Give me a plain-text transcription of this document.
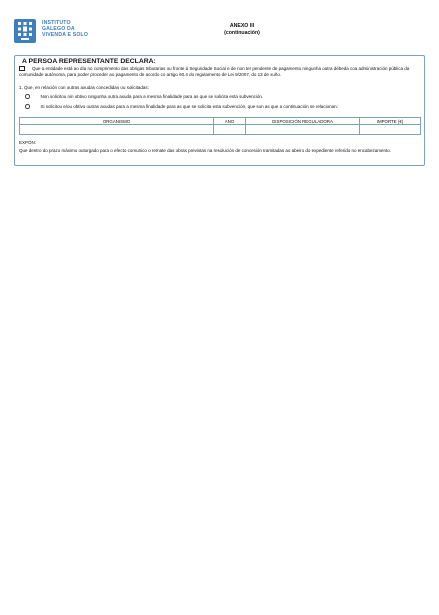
INSTITUTO
GALEGO DA
VIVENDA E SOLO
ANEXO III
(continuación)
A PERSOA REPRESENTANTE DECLARA:
Que a entidade está ao día no cumprimento das obrigas tributarias ou fronte á Seguridade Social e de non ter pendente de pagamento ningunha outra débeda coa administración pública da comunidade autónoma, para poder proceder ao pagamento de acordo co artigo 60.4 do regulamento de Lei 9/2007, do 13 de xuño.
1. Que, en relación con outras axudas concedidas ou solicitadas:
Non solicitou nin obtivo ningunha outra axuda para a mesma finalidade para as que se solicita esta subvención.
Si solicitou e/ou obtivo outras axudas para a mesma finalidade para as que se solicita esta subvención, que son as que a continuación se relacionan:
ORGANISMO	ANO	DISPOSICIÓN REGULADORA	IMPORTE (€)

EXPÓN:
Que dentro do prazo máximo outorgado para o efecto comunico o remate das obras previstas na resolución de concesión tramitadas ao abeiro do expediente referido no encabezamento.
